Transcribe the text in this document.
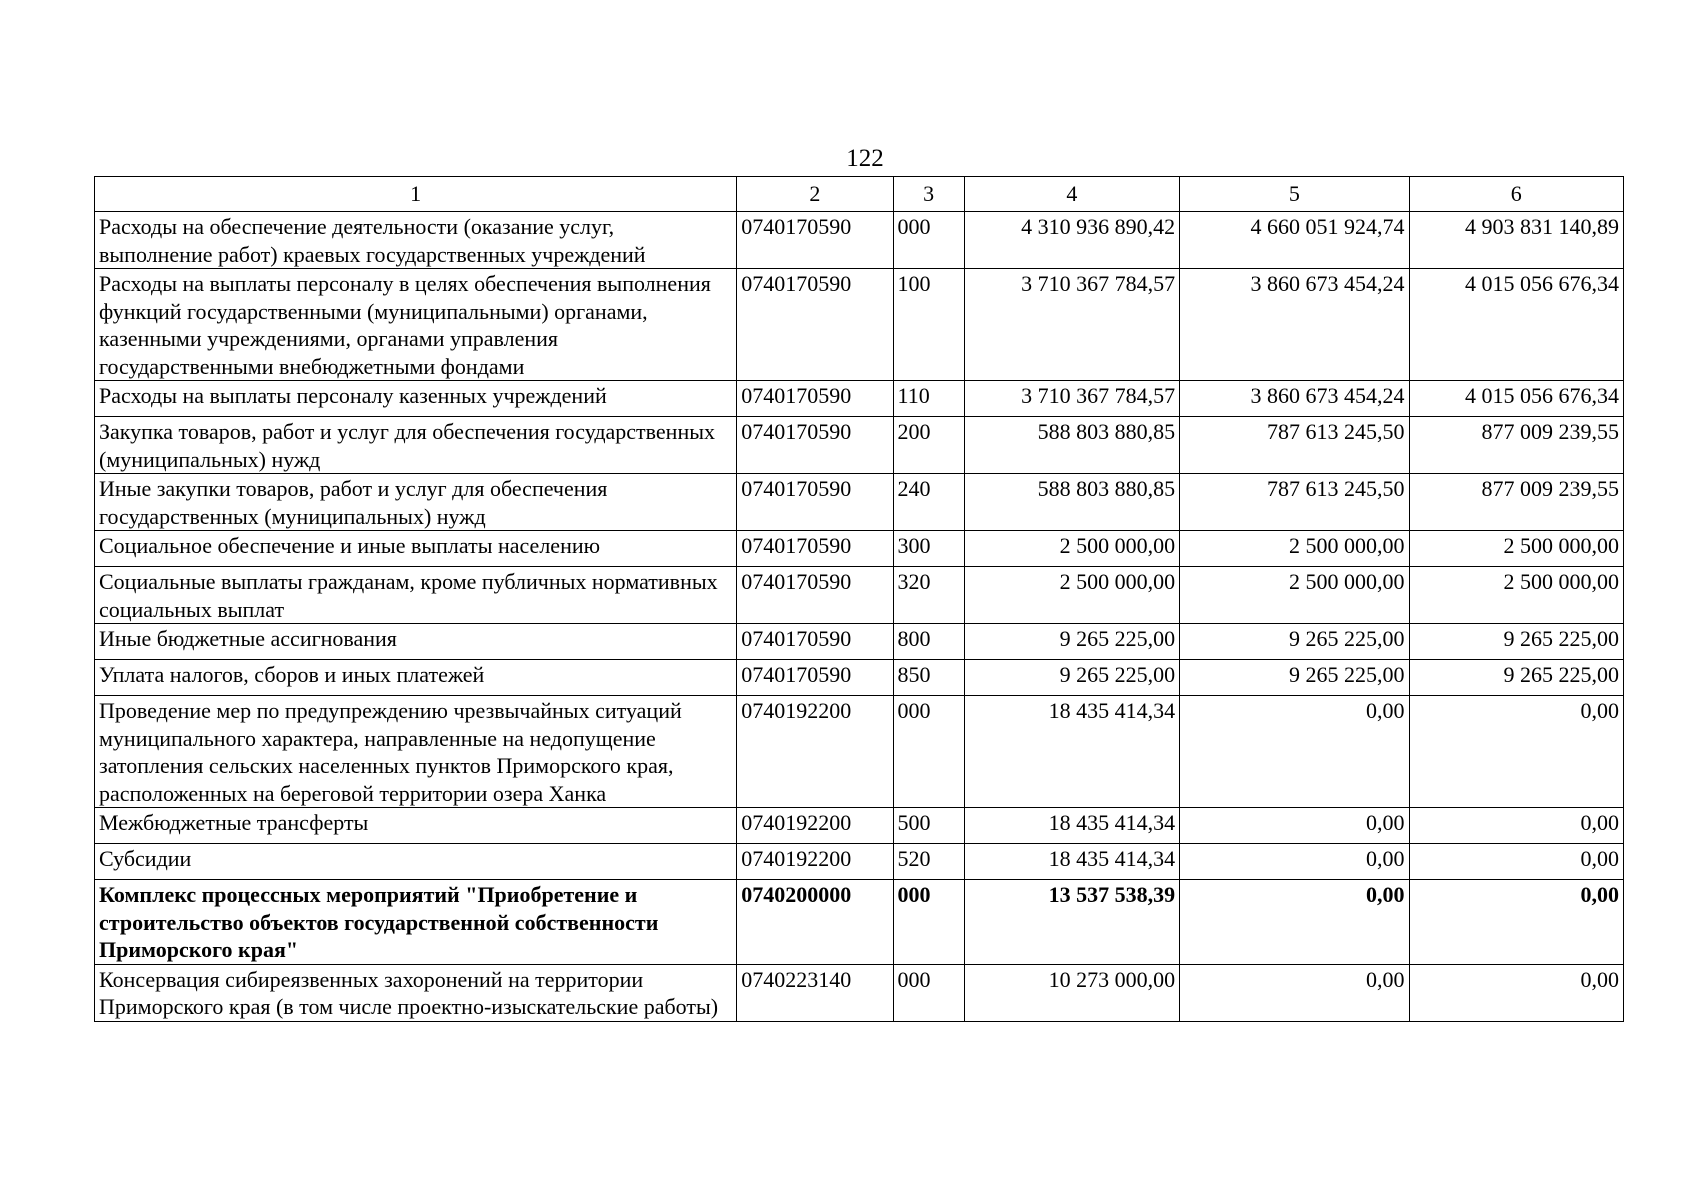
122
1	2	3	4	5	6
Расходы на обеспечение деятельности (оказание услуг, выполнение работ) краевых государственных учреждений	0740170590	000	4 310 936 890,42	4 660 051 924,74	4 903 831 140,89
Расходы на выплаты персоналу в целях обеспечения выполнения функций государственными (муниципальными) органами, казенными учреждениями, органами управления государственными внебюджетными фондами	0740170590	100	3 710 367 784,57	3 860 673 454,24	4 015 056 676,34
Расходы на выплаты персоналу казенных учреждений	0740170590	110	3 710 367 784,57	3 860 673 454,24	4 015 056 676,34
Закупка товаров, работ и услуг для обеспечения государственных (муниципальных) нужд	0740170590	200	588 803 880,85	787 613 245,50	877 009 239,55
Иные закупки товаров, работ и услуг для обеспечения государственных (муниципальных) нужд	0740170590	240	588 803 880,85	787 613 245,50	877 009 239,55
Социальное обеспечение и иные выплаты населению	0740170590	300	2 500 000,00	2 500 000,00	2 500 000,00
Социальные выплаты гражданам, кроме публичных нормативных социальных выплат	0740170590	320	2 500 000,00	2 500 000,00	2 500 000,00
Иные бюджетные ассигнования	0740170590	800	9 265 225,00	9 265 225,00	9 265 225,00
Уплата налогов, сборов и иных платежей	0740170590	850	9 265 225,00	9 265 225,00	9 265 225,00
Проведение мер по предупреждению чрезвычайных ситуаций муниципального характера, направленные на недопущение затопления сельских населенных пунктов Приморского края, расположенных на береговой территории озера Ханка	0740192200	000	18 435 414,34	0,00	0,00
Межбюджетные трансферты	0740192200	500	18 435 414,34	0,00	0,00
Субсидии	0740192200	520	18 435 414,34	0,00	0,00
Комплекс процессных мероприятий "Приобретение и строительство объектов государственной собственности Приморского края"	0740200000	000	13 537 538,39	0,00	0,00
Консервация сибиреязвенных захоронений на территории Приморского края (в том числе проектно-изыскательские работы)	0740223140	000	10 273 000,00	0,00	0,00
